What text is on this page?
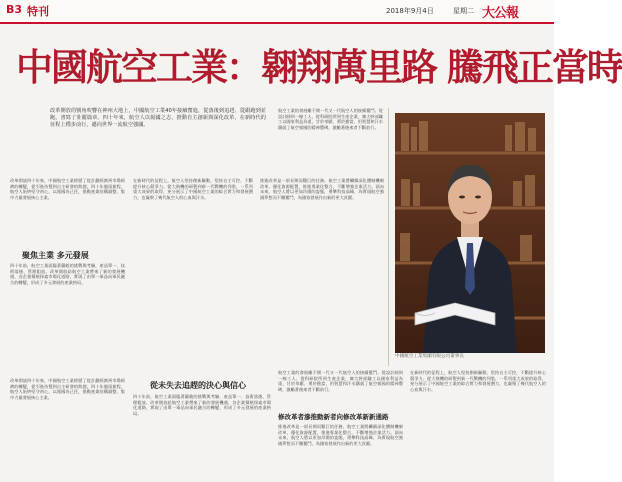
B3 特刊	2018年9月4日	星期二 大公報
中國航空工業：翱翔萬里路 騰飛正當時
改革開放的號角吹響在神州大地上，中國航空工業40年接續奮進，從落後到追趕、從跟跑到並跑，書寫了壯麗篇章。四十年來，航空人以報國之志，推動自主創新與深化改革，在新時代的征程上穩步前行，邁向世界一流航空強國。
航空工業的發展離不開一代又一代航空人的接續奮鬥。從設計師到一線工人，從科研院所到生產企業，廣大幹部職工以國家利益為重，甘於奉獻、勇於擔當，用智慧和汗水鑄就了航空報國的精神豐碑，激勵著後來者不斷前行。
改革開放四十年來，中國航空工業經歷了從計劃經濟到市場經濟的轉變，從引進仿製到自主研發的跨越。四十年風雨兼程，航空人始終堅守初心，以報國為己任，推動產業結構調整，集中力量發展核心主業。
聚焦主業 多元發展
四十年前，航空工業面臨著嚴峻的挑戰與考驗，產品單一、技術落後、管理粗放。改革開放給航空工業帶來了新的發展機遇，各企業積極探索市場化道路，實現了由單一軍品向軍民融合的轉變，形成了多元發展的產業格局。
在新時代的征程上，航空人堅持創新驅動，堅持自主可控，不斷提升核心競爭力。從大飛機的研製到新一代戰機的列裝，一系列重大成果的取得，充分展示了中國航空工業的綜合實力和發展潛力，也凝聚了幾代航空人的心血與汗水。
推進改革是一項長期而艱巨的任務。航空工業將繼續深化體制機制改革，優化資源配置，推進專業化整合，不斷增強企業活力。面向未來，航空人將以更加昂揚的姿態，勇攀科技高峰，為實現航空強國夢想而不懈奮鬥，為國家發展作出新的更大貢獻。
從未失去追趕的決心與信心
中國航空工業集團有限公司董事長
航空工業的發展離不開一代又一代航空人的接續奮鬥。從設計師到一線工人，從科研院所到生產企業，廣大幹部職工以國家利益為重，甘於奉獻、勇於擔當，用智慧和汗水鑄就了航空報國的精神豐碑，激勵著後來者不斷前行。
修改革者滲推動新者向修改革新新通路
推進改革是一項長期而艱巨的任務。航空工業將繼續深化體制機制改革，優化資源配置，推進專業化整合，不斷增強企業活力。面向未來，航空人將以更加昂揚的姿態，勇攀科技高峰，為實現航空強國夢想而不懈奮鬥，為國家發展作出新的更大貢獻。
在新時代的征程上，航空人堅持創新驅動，堅持自主可控，不斷提升核心競爭力。從大飛機的研製到新一代戰機的列裝，一系列重大成果的取得，充分展示了中國航空工業的綜合實力和發展潛力，也凝聚了幾代航空人的心血與汗水。
四十年前，航空工業面臨著嚴峻的挑戰與考驗，產品單一、技術落後、管理粗放。改革開放給航空工業帶來了新的發展機遇，各企業積極探索市場化道路，實現了由單一軍品向軍民融合的轉變，形成了多元發展的產業格局。
改革開放四十年來，中國航空工業經歷了從計劃經濟到市場經濟的轉變，從引進仿製到自主研發的跨越。四十年風雨兼程，航空人始終堅守初心，以報國為己任，推動產業結構調整，集中力量發展核心主業。
